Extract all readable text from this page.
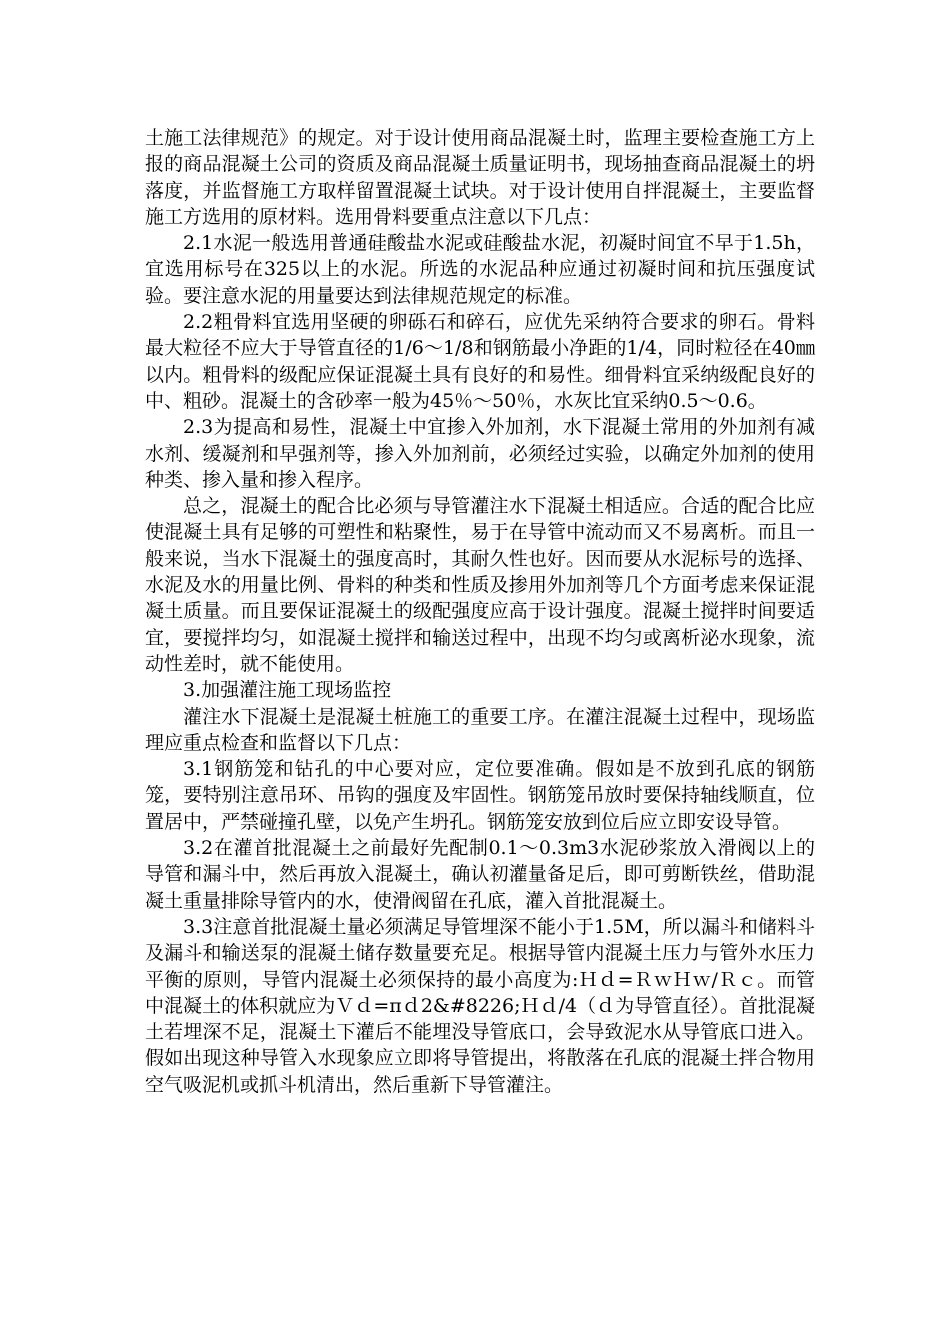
土施工法律规范》的规定。对于设计使用商品混凝土时，监理主要检查施工方上报的商品混凝土公司的资质及商品混凝土质量证明书，现场抽查商品混凝土的坍落度，并监督施工方取样留置混凝土试块。对于设计使用自拌混凝土，主要监督施工方选用的原材料。选用骨料要重点注意以下几点：

2.1水泥一般选用普通硅酸盐水泥或硅酸盐水泥，初凝时间宜不早于1.5h，宜选用标号在325以上的水泥。所选的水泥品种应通过初凝时间和抗压强度试验。要注意水泥的用量要达到法律规范规定的标准。

2.2粗骨料宜选用坚硬的卵砾石和碎石，应优先采纳符合要求的卵石。骨料最大粒径不应大于导管直径的1/6～1/8和钢筋最小净距的1/4，同时粒径在40㎜以内。粗骨料的级配应保证混凝土具有良好的和易性。细骨料宜采纳级配良好的中、粗砂。混凝土的含砂率一般为45％～50％，水灰比宜采纳0.5～0.6。

2.3为提高和易性，混凝土中宜掺入外加剂，水下混凝土常用的外加剂有减水剂、缓凝剂和早强剂等，掺入外加剂前，必须经过实验，以确定外加剂的使用种类、掺入量和掺入程序。

总之，混凝土的配合比必须与导管灌注水下混凝土相适应。合适的配合比应使混凝土具有足够的可塑性和粘聚性，易于在导管中流动而又不易离析。而且一般来说，当水下混凝土的强度高时，其耐久性也好。因而要从水泥标号的选择、水泥及水的用量比例、骨料的种类和性质及掺用外加剂等几个方面考虑来保证混凝土质量。而且要保证混凝土的级配强度应高于设计强度。混凝土搅拌时间要适宜，要搅拌均匀，如混凝土搅拌和输送过程中，出现不均匀或离析泌水现象，流动性差时，就不能使用。

3.加强灌注施工现场监控

灌注水下混凝土是混凝土桩施工的重要工序。在灌注混凝土过程中，现场监理应重点检查和监督以下几点：

3.1钢筋笼和钻孔的中心要对应，定位要准确。假如是不放到孔底的钢筋笼，要特别注意吊环、吊钩的强度及牢固性。钢筋笼吊放时要保持轴线顺直，位置居中，严禁碰撞孔壁，以免产生坍孔。钢筋笼安放到位后应立即安设导管。

3.2在灌首批混凝土之前最好先配制0.1～0.3m3水泥砂浆放入滑阀以上的导管和漏斗中，然后再放入混凝土，确认初灌量备足后，即可剪断铁丝，借助混凝土重量排除导管内的水，使滑阀留在孔底，灌入首批混凝土。

3.3注意首批混凝土量必须满足导管埋深不能小于1.5M，所以漏斗和储料斗及漏斗和输送泵的混凝土储存数量要充足。根据导管内混凝土压力与管外水压力平衡的原则，导管内混凝土必须保持的最小高度为:Ｈｄ=ＲｗＨｗ/Ｒｃ。而管中混凝土的体积就应为Ｖｄ=πｄ2&#8226;Ｈｄ/4（ｄ为导管直径）。首批混凝土若埋深不足，混凝土下灌后不能埋没导管底口，会导致泥水从导管底口进入。假如出现这种导管入水现象应立即将导管提出，将散落在孔底的混凝土拌合物用空气吸泥机或抓斗机清出，然后重新下导管灌注。
